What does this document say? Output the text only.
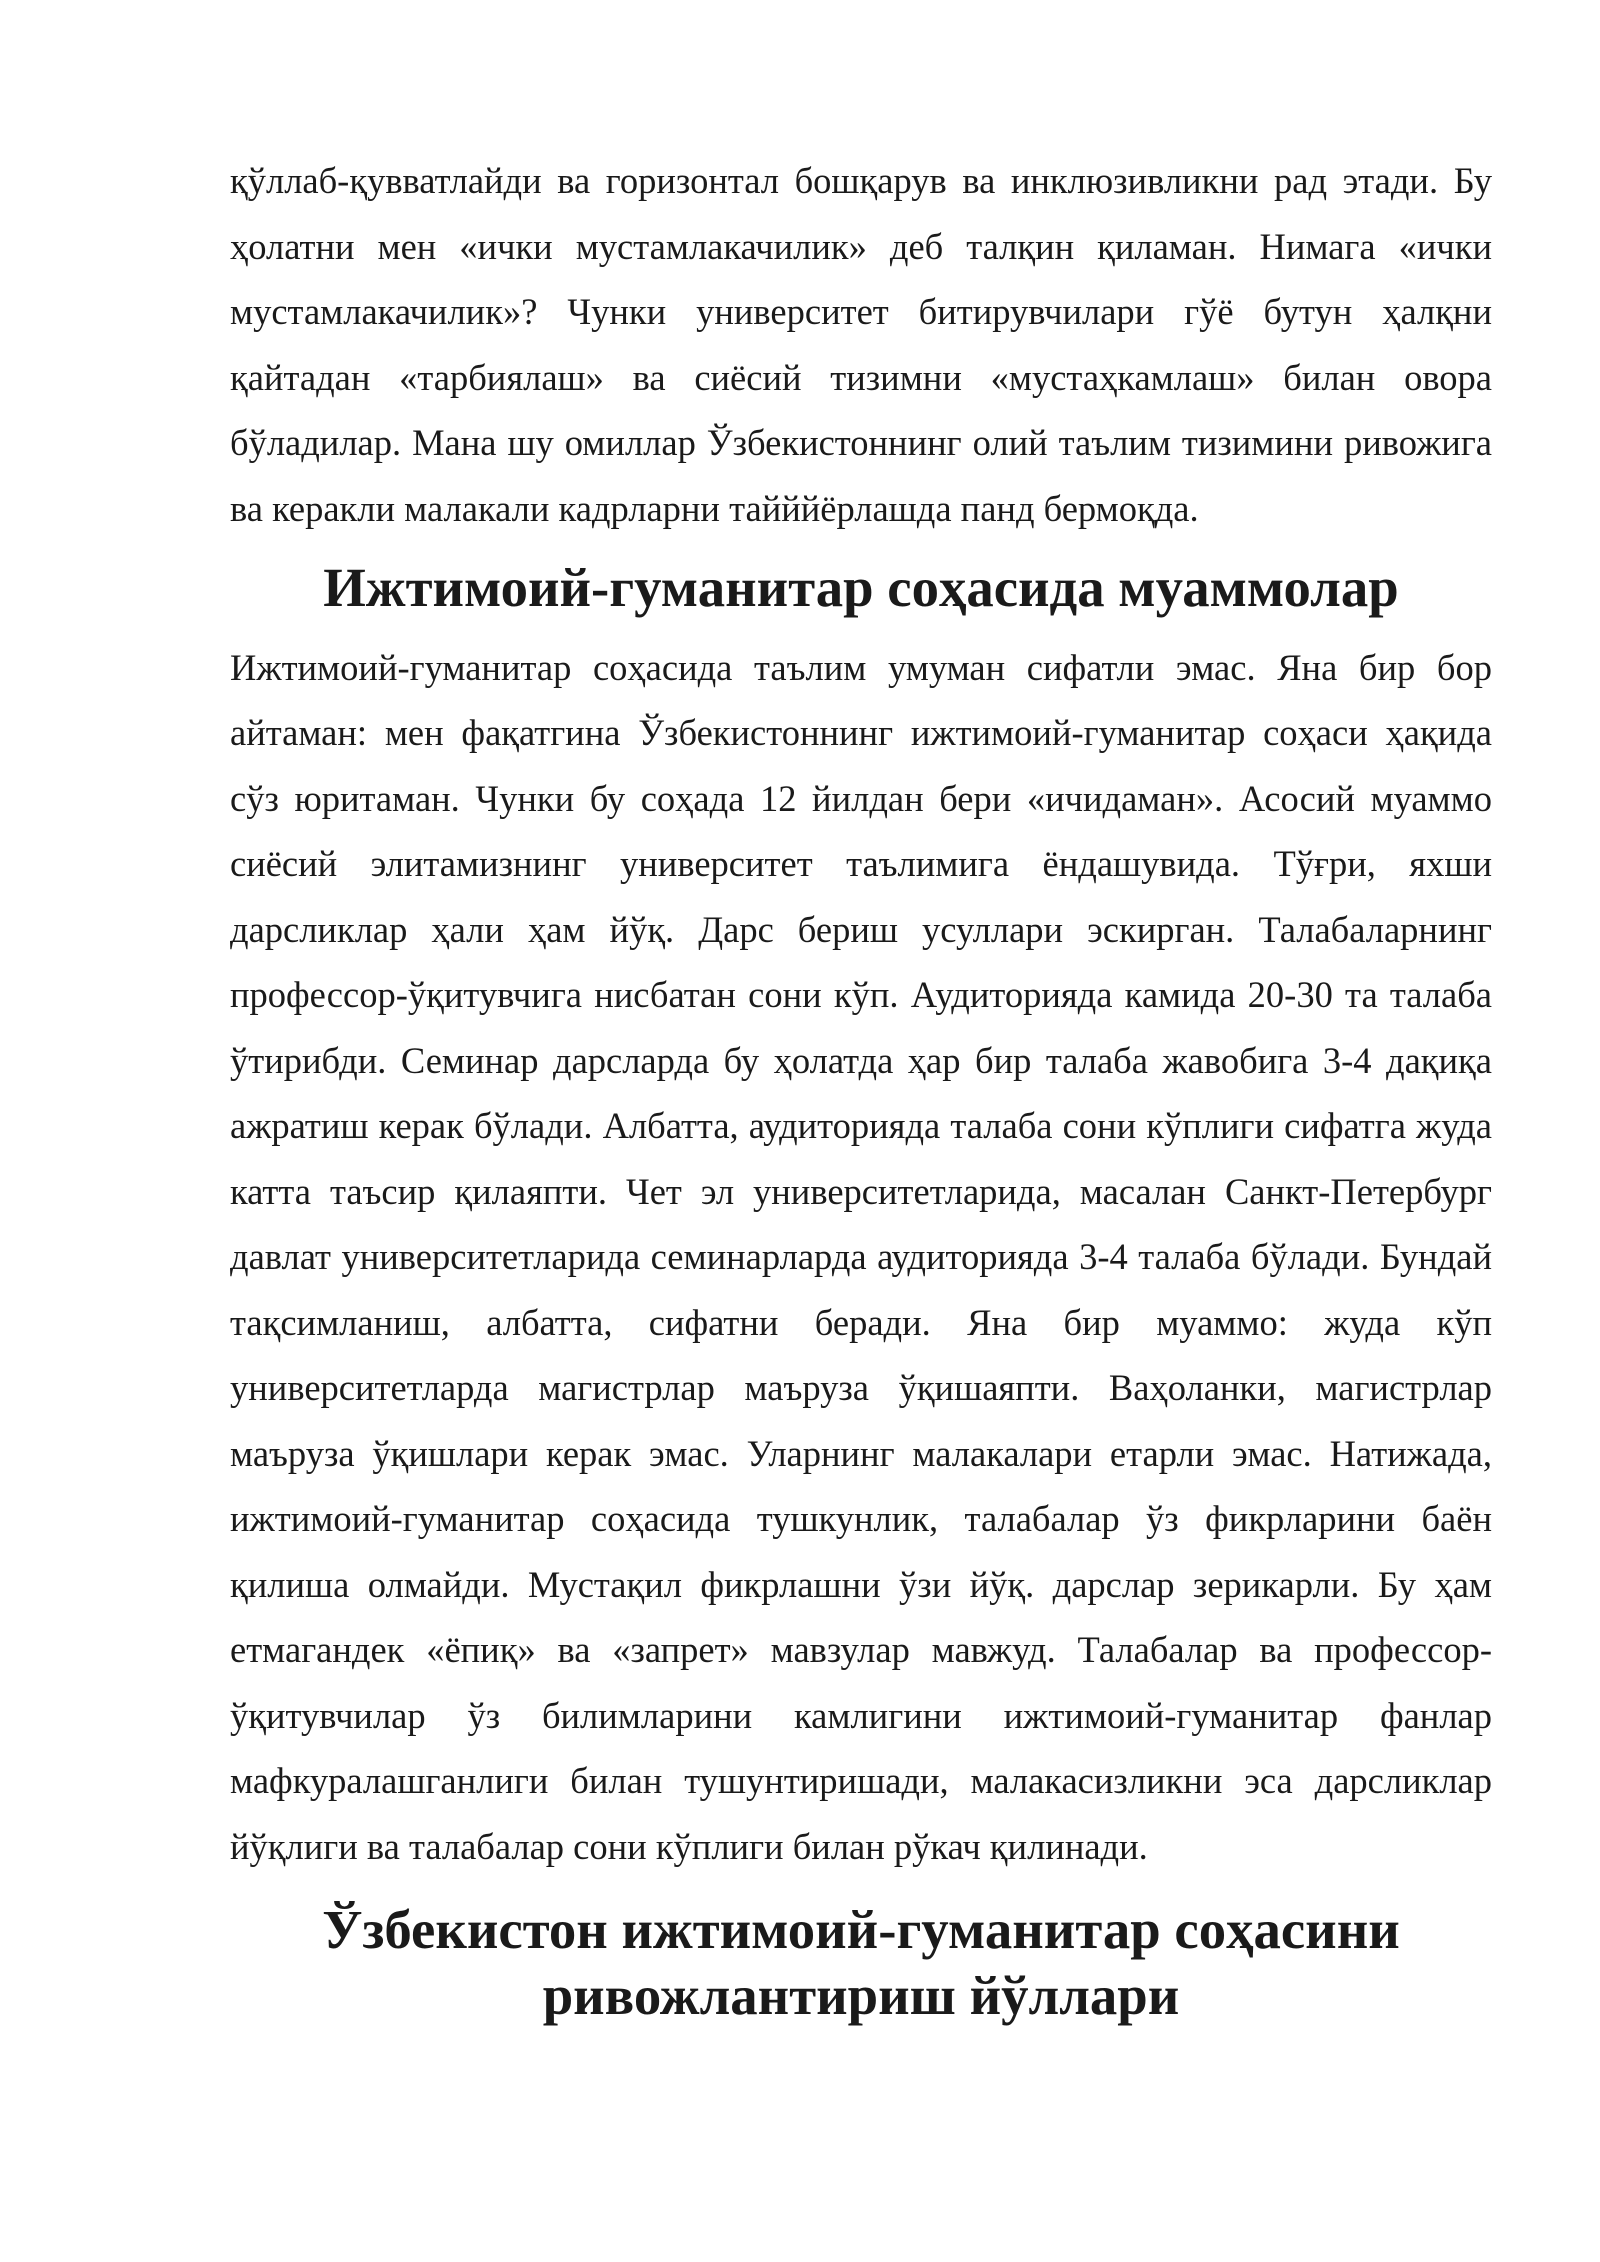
қўллаб-қувватлайди ва горизонтал бошқарув ва инклюзивликни рад этади. Бу ҳолатни мен «ички мустамлакачилик» деб талқин қиламан. Нимага «ички мустамлакачилик»? Чунки университет битирувчилари гўё бутун ҳалқни қайтадан «тарбиялаш» ва сиёсий тизимни «мустаҳкамлаш» билан овора бўладилар. Мана шу омиллар Ўзбекистоннинг олий таълим тизимини ривожига ва керакли малакали кадрларни тайййёрлашда панд бермоқда.

Ижтимоий-гуманитар соҳасида муаммолар

Ижтимоий-гуманитар соҳасида таълим умуман сифатли эмас. Яна бир бор айтаман: мен фақатгина Ўзбекистоннинг ижтимоий-гуманитар соҳаси ҳақида сўз юритаман. Чунки бу соҳада 12 йилдан бери «ичидаман». Асосий муаммо сиёсий элитамизнинг университет таълимига ёндашувида. Тўғри, яхши дарсликлар ҳали ҳам йўқ. Дарс бериш усуллари эскирган. Талабаларнинг профессор-ўқитувчига нисбатан сони кўп. Аудиторияда камида 20-30 та талаба ўтирибди. Семинар дарсларда бу ҳолатда ҳар бир талаба жавобига 3-4 дақиқа ажратиш керак бўлади. Албатта, аудиторияда талаба сони кўплиги сифатга жуда катта таъсир қилаяпти. Чет эл университетларида, масалан Санкт-Петербург давлат университетларида семинарларда аудиторияда 3-4 талаба бўлади. Бундай тақсимланиш, албатта, сифатни беради. Яна бир муаммо: жуда кўп университетларда магистрлар маъруза ўқишаяпти. Ваҳоланки, магистрлар маъруза ўқишлари керак эмас. Уларнинг малакалари етарли эмас. Натижада, ижтимоий-гуманитар соҳасида тушкунлик, талабалар ўз фикрларини баён қилиша олмайди. Мустақил фикрлашни ўзи йўқ. дарслар зерикарли. Бу ҳам етмагандек «ёпиқ» ва «запрет» мавзулар мавжуд. Талабалар ва профессор-ўқитувчилар ўз билимларини камлигини ижтимоий-гуманитар фанлар мафкуралашганлиги билан тушунтиришади, малакасизликни эса дарсликлар йўқлиги ва талабалар сони кўплиги билан рўкач қилинади.

Ўзбекистон ижтимоий-гуманитар соҳасини ривожлантириш йўллари
